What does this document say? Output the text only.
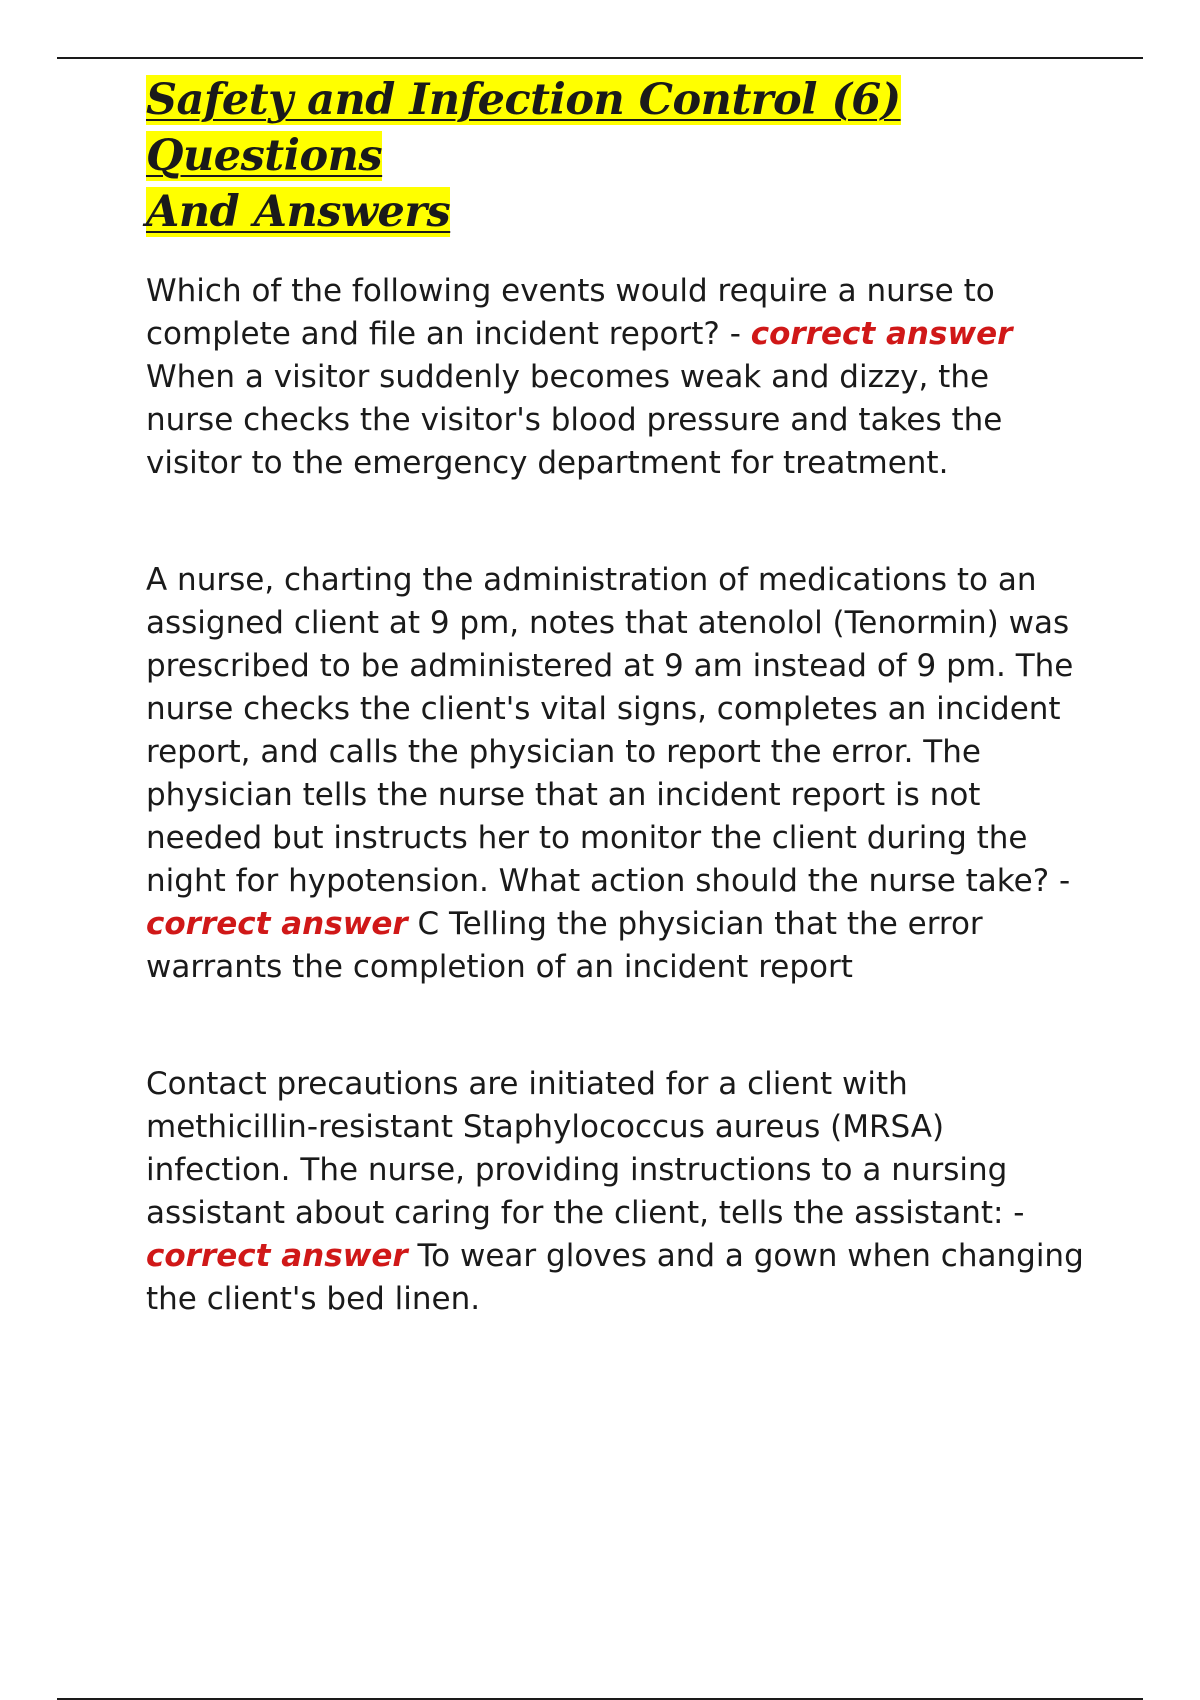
Safety and Infection Control (6) Questions
And Answers

Which of the following events would require a nurse to complete and file an incident report? - correct answer When a visitor suddenly becomes weak and dizzy, the nurse checks the visitor's blood pressure and takes the visitor to the emergency department for treatment.

A nurse, charting the administration of medications to an assigned client at 9 pm, notes that atenolol (Tenormin) was prescribed to be administered at 9 am instead of 9 pm. The nurse checks the client's vital signs, completes an incident report, and calls the physician to report the error. The physician tells the nurse that an incident report is not needed but instructs her to monitor the client during the night for hypotension. What action should the nurse take? - correct answer C Telling the physician that the error warrants the completion of an incident report

Contact precautions are initiated for a client with methicillin-resistant Staphylococcus aureus (MRSA) infection. The nurse, providing instructions to a nursing assistant about caring for the client, tells the assistant: - correct answer To wear gloves and a gown when changing the client's bed linen.
